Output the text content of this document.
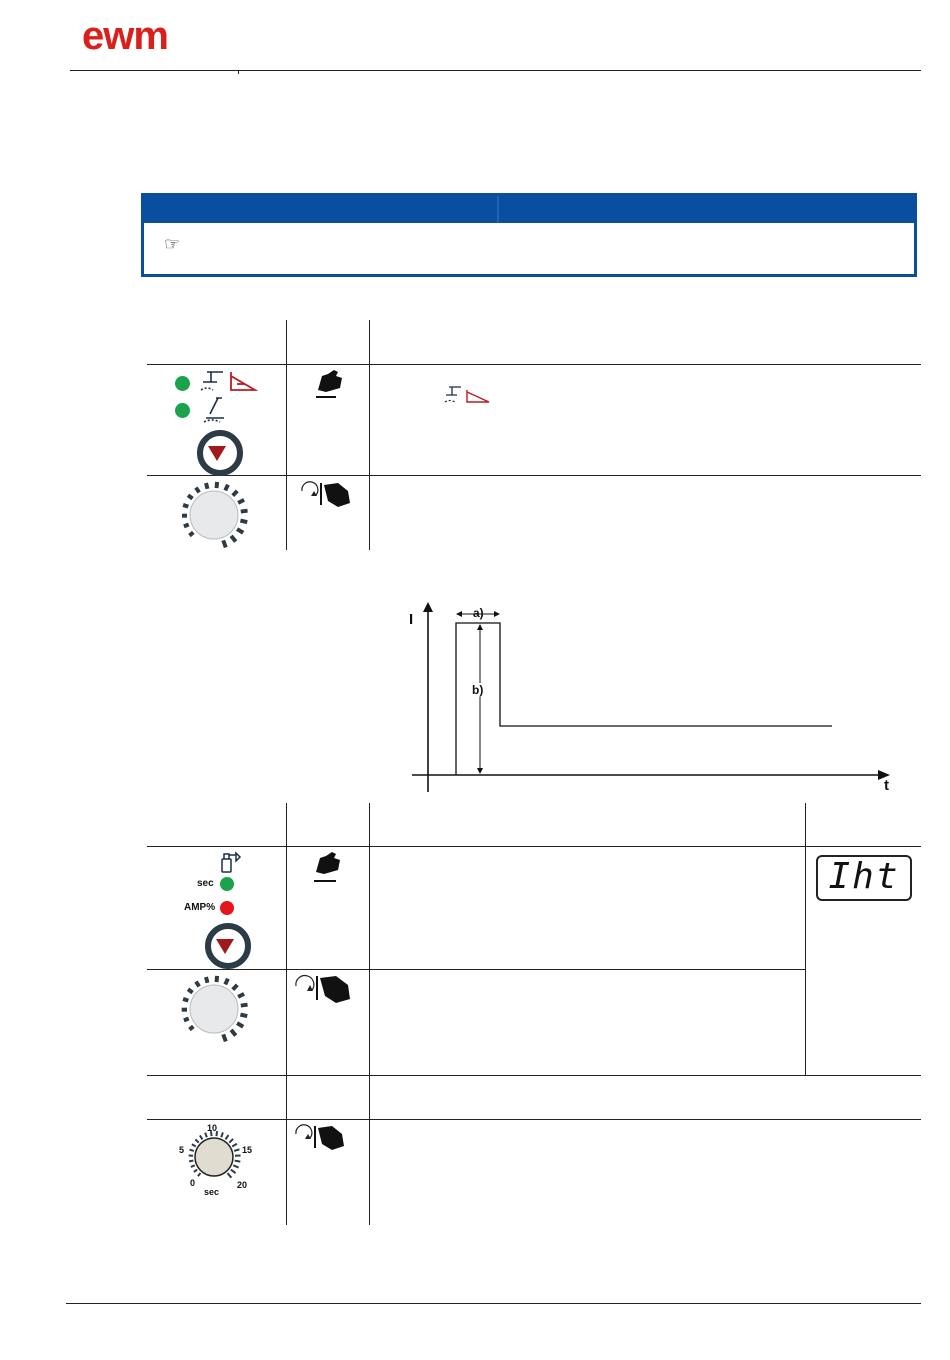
ewm
☞
I
t
a)
b)
sec
AMP%
Iht
10
5	15
0	20
sec
